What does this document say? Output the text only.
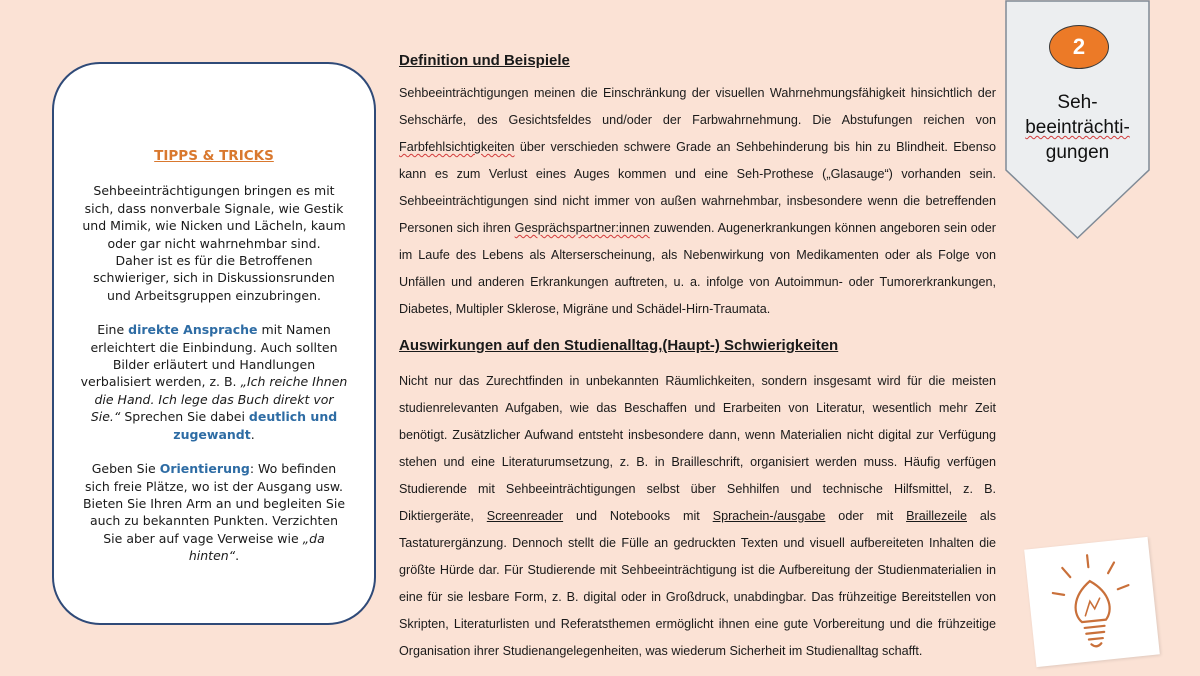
TIPPS & TRICKS

Sehbeeinträchtigungen bringen es mit sich, dass nonverbale Signale, wie Gestik und Mimik, wie Nicken und Lächeln, kaum oder gar nicht wahrnehmbar sind.
Daher ist es für die Betroffenen schwieriger, sich in Diskussionsrunden und Arbeitsgruppen einzubringen.

Eine direkte Ansprache mit Namen erleichtert die Einbindung. Auch sollten Bilder erläutert und Handlungen verbalisiert werden, z. B. „Ich reiche Ihnen die Hand. Ich lege das Buch direkt vor Sie.“ Sprechen Sie dabei deutlich und zugewandt.

Geben Sie Orientierung: Wo befinden sich freie Plätze, wo ist der Ausgang usw. Bieten Sie Ihren Arm an und begleiten Sie auch zu bekannten Punkten. Verzichten Sie aber auf vage Verweise wie „da hinten“.

Definition und Beispiele

Sehbeeinträchtigungen meinen die Einschränkung der visuellen Wahrnehmungsfähigkeit hinsichtlich der Sehschärfe, des Gesichtsfeldes und/oder der Farbwahrnehmung. Die Abstufungen reichen von Farbfehlsichtigkeiten über verschieden schwere Grade an Sehbehinderung bis hin zu Blindheit. Ebenso kann es zum Verlust eines Auges kommen und eine Seh-Prothese („Glasauge“) vorhanden sein. Sehbeeinträchtigungen sind nicht immer von außen wahrnehmbar, insbesondere wenn die betreffenden Personen sich ihren Gesprächspartner:innen zuwenden. Augenerkrankungen können angeboren sein oder im Laufe des Lebens als Alterserscheinung, als Nebenwirkung von Medikamenten oder als Folge von Unfällen und anderen Erkrankungen auftreten, u. a. infolge von Autoimmun- oder Tumorerkrankungen, Diabetes, Multipler Sklerose, Migräne und Schädel-Hirn-Traumata.

Auswirkungen auf den Studienalltag,(Haupt-) Schwierigkeiten

Nicht nur das Zurechtfinden in unbekannten Räumlichkeiten, sondern insgesamt wird für die meisten studienrelevanten Aufgaben, wie das Beschaffen und Erarbeiten von Literatur, wesentlich mehr Zeit benötigt. Zusätzlicher Aufwand entsteht insbesondere dann, wenn Materialien nicht digital zur Verfügung stehen und eine Literaturumsetzung, z. B. in Brailleschrift, organisiert werden muss. Häufig verfügen Studierende mit Sehbeeinträchtigungen selbst über Sehhilfen und technische Hilfsmittel, z. B. Diktiergeräte, Screenreader und Notebooks mit Sprachein-/ausgabe oder mit Braillezeile als Tastaturergänzung. Dennoch stellt die Fülle an gedruckten Texten und visuell aufbereiteten Inhalten die größte Hürde dar. Für Studierende mit Sehbeeinträchtigung ist die Aufbereitung der Studienmaterialien in eine für sie lesbare Form, z. B. digital oder in Großdruck, unabdingbar. Das frühzeitige Bereitstellen von Skripten, Literaturlisten und Referatsthemen ermöglicht ihnen eine gute Vorbereitung und die frühzeitige Organisation ihrer Studienangelegenheiten, was wiederum Sicherheit im Studienalltag schafft.

2
Seh-
beeinträchti-
gungen
